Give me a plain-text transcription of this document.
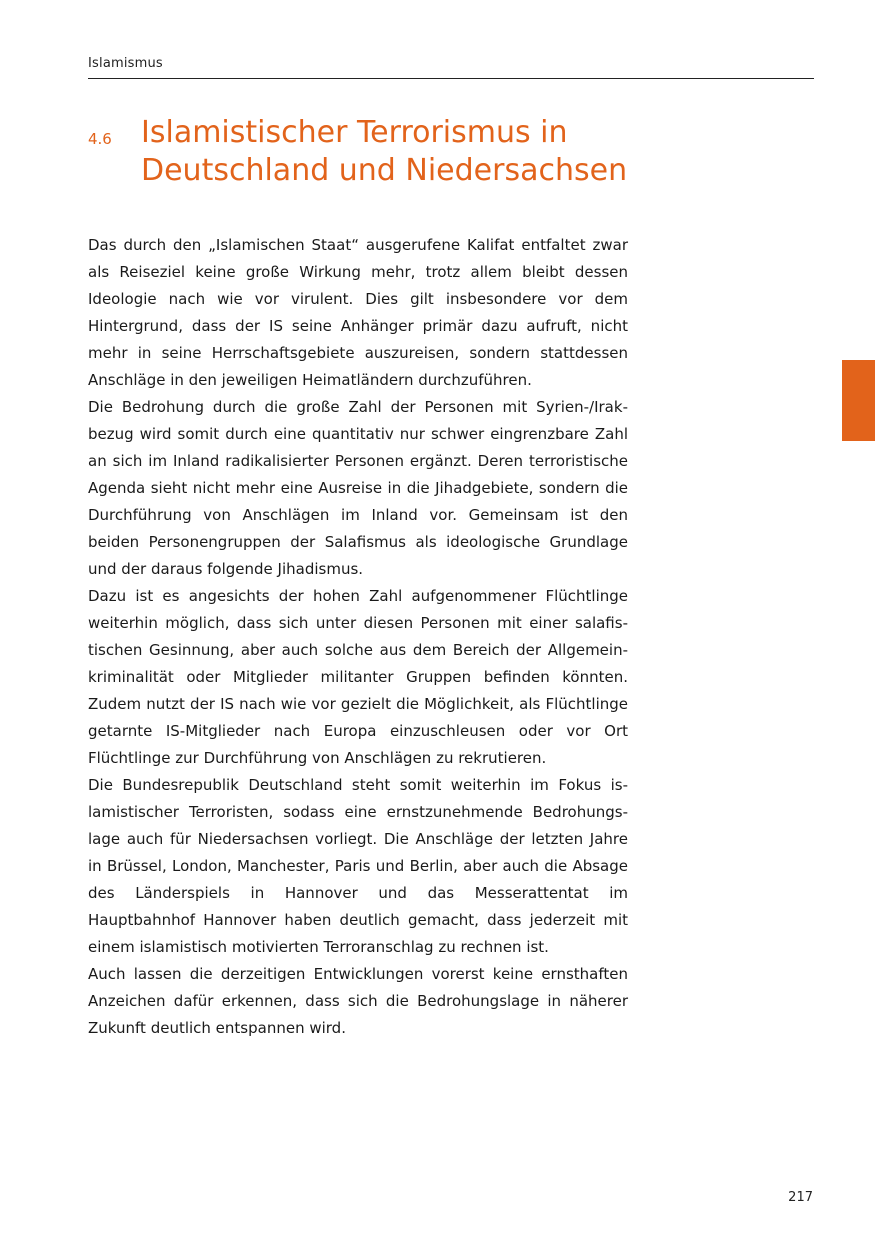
Islamismus
4.6 Islamistischer Terrorismus in Deutschland und Niedersachsen

Das durch den „Islamischen Staat“ ausgerufene Kalifat entfaltet zwar als Reiseziel keine große Wirkung mehr, trotz allem bleibt dessen Ideologie nach wie vor virulent. Dies gilt insbesondere vor dem Hintergrund, dass der IS seine Anhänger primär dazu aufruft, nicht mehr in seine Herrschaftsgebiete auszureisen, sondern stattdessen Anschläge in den jeweiligen Heimatländern durchzuführen.

Die Bedrohung durch die große Zahl der Personen mit Syrien-/Irakbezug wird somit durch eine quantitativ nur schwer eingrenzbare Zahl an sich im Inland radikalisierter Personen ergänzt. Deren terroristische Agenda sieht nicht mehr eine Ausreise in die Jihadgebiete, sondern die Durchführung von Anschlägen im Inland vor. Gemeinsam ist den beiden Personengruppen der Salafismus als ideologische Grundlage und der daraus folgende Jihadismus.

Dazu ist es angesichts der hohen Zahl aufgenommener Flüchtlinge weiterhin möglich, dass sich unter diesen Personen mit einer salafistischen Gesinnung, aber auch solche aus dem Bereich der Allgemeinkriminalität oder Mitglieder militanter Gruppen befinden könnten. Zudem nutzt der IS nach wie vor gezielt die Möglichkeit, als Flüchtlinge getarnte IS-Mitglieder nach Europa einzuschleusen oder vor Ort Flüchtlinge zur Durchführung von Anschlägen zu rekrutieren.

Die Bundesrepublik Deutschland steht somit weiterhin im Fokus islamistischer Terroristen, sodass eine ernstzunehmende Bedrohungslage auch für Niedersachsen vorliegt. Die Anschläge der letzten Jahre in Brüssel, London, Manchester, Paris und Berlin, aber auch die Absage des Länderspiels in Hannover und das Messerattentat im Hauptbahnhof Hannover haben deutlich gemacht, dass jederzeit mit einem islamistisch motivierten Terroranschlag zu rechnen ist.

Auch lassen die derzeitigen Entwicklungen vorerst keine ernsthaften Anzeichen dafür erkennen, dass sich die Bedrohungslage in näherer Zukunft deutlich entspannen wird.

217
